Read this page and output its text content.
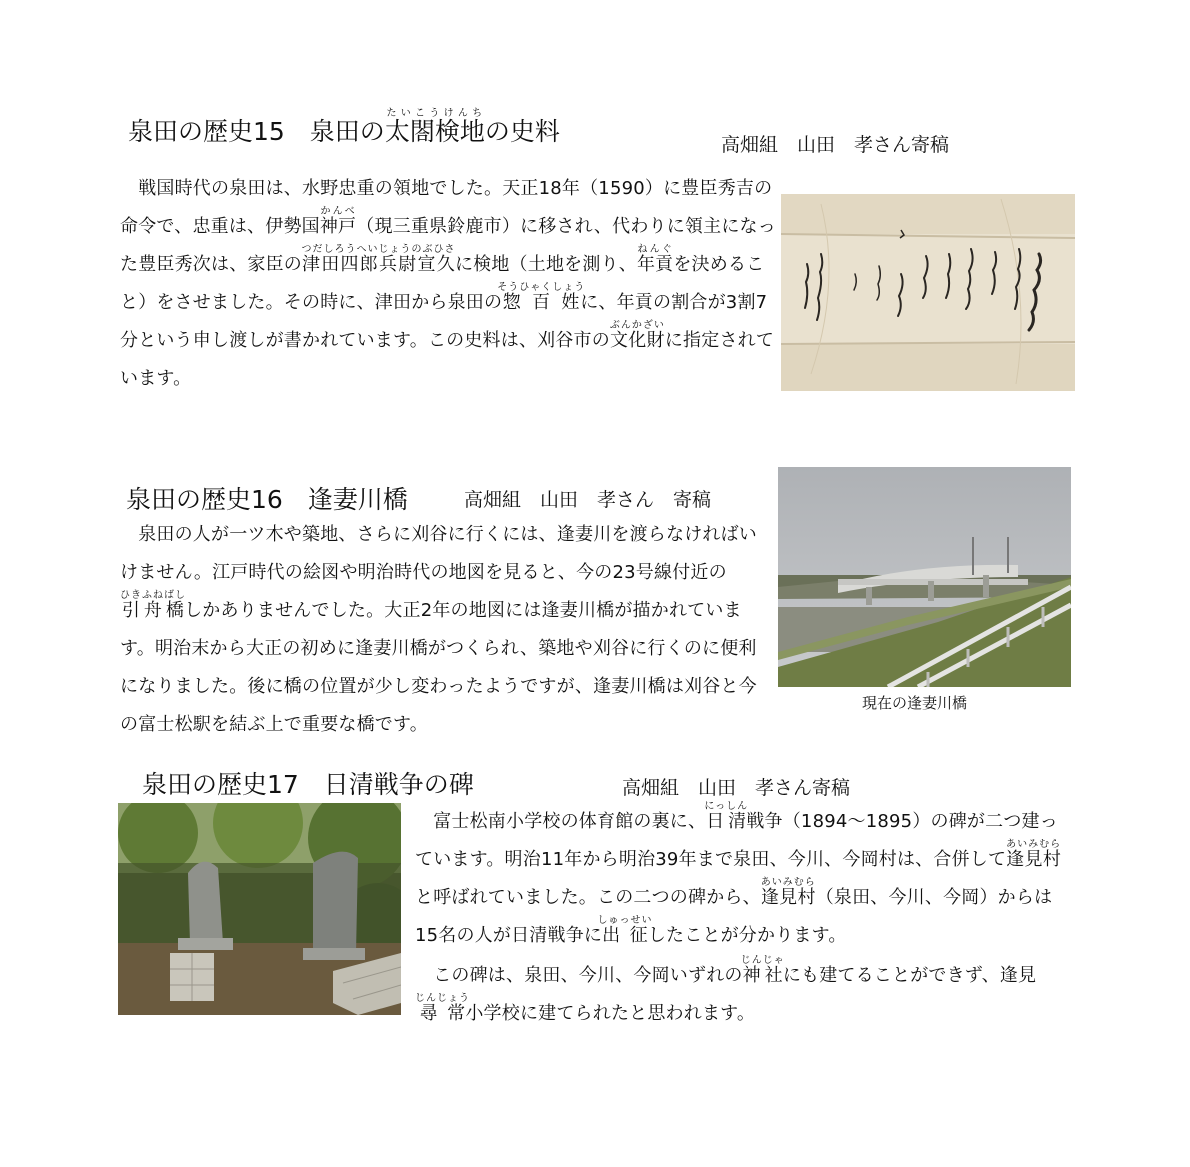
泉田の歴史15　泉田の太閤検地たいこうけんちの史料	高畑組　山田　孝さん寄稿

　戦国時代の泉田は、水野忠重の領地でした。天正18年（1590）に豊臣秀吉の命令で、忠重は、伊勢国神戸かんべ（現三重県鈴鹿市）に移され、代わりに領主になった豊臣秀次は、家臣の津田四郎兵尉宣久つだしろうへいじょうのぶひさに検地（土地を測り、年貢ねんぐを決めること）をさせました。その時に、津田から泉田の惣百姓そうひゃくしょうに、年貢の割合が3割7分という申し渡しが書かれています。この史料は、刈谷市の文化財ぶんかざいに指定されています。

泉田の歴史16　逢妻川橋	高畑組　山田　孝さん　寄稿

　泉田の人が一ツ木や築地、さらに刈谷に行くには、逢妻川を渡らなければいけません。江戸時代の絵図や明治時代の地図を見ると、今の23号線付近の引舟橋ひきふねばししかありませんでした。大正2年の地図には逢妻川橋が描かれています。明治末から大正の初めに逢妻川橋がつくられ、築地や刈谷に行くのに便利になりました。後に橋の位置が少し変わったようですが、逢妻川橋は刈谷と今の富士松駅を結ぶ上で重要な橋です。

現在の逢妻川橋
泉田の歴史17　日清戦争の碑	高畑組　山田　孝さん寄稿

　富士松南小学校の体育館の裏に、日清にっしん戦争（1894〜1895）の碑が二つ建っています。明治11年から明治39年まで泉田、今川、今岡村は、合併して逢見村あいみむらと呼ばれていました。この二つの碑から、逢見村あいみむら（泉田、今川、今岡）からは15名の人が日清戦争に出征しゅっせいしたことが分かります。

　この碑は、泉田、今川、今岡いずれの神社じんじゃにも建てることができず、逢見尋常じんじょう小学校に建てられたと思われます。
